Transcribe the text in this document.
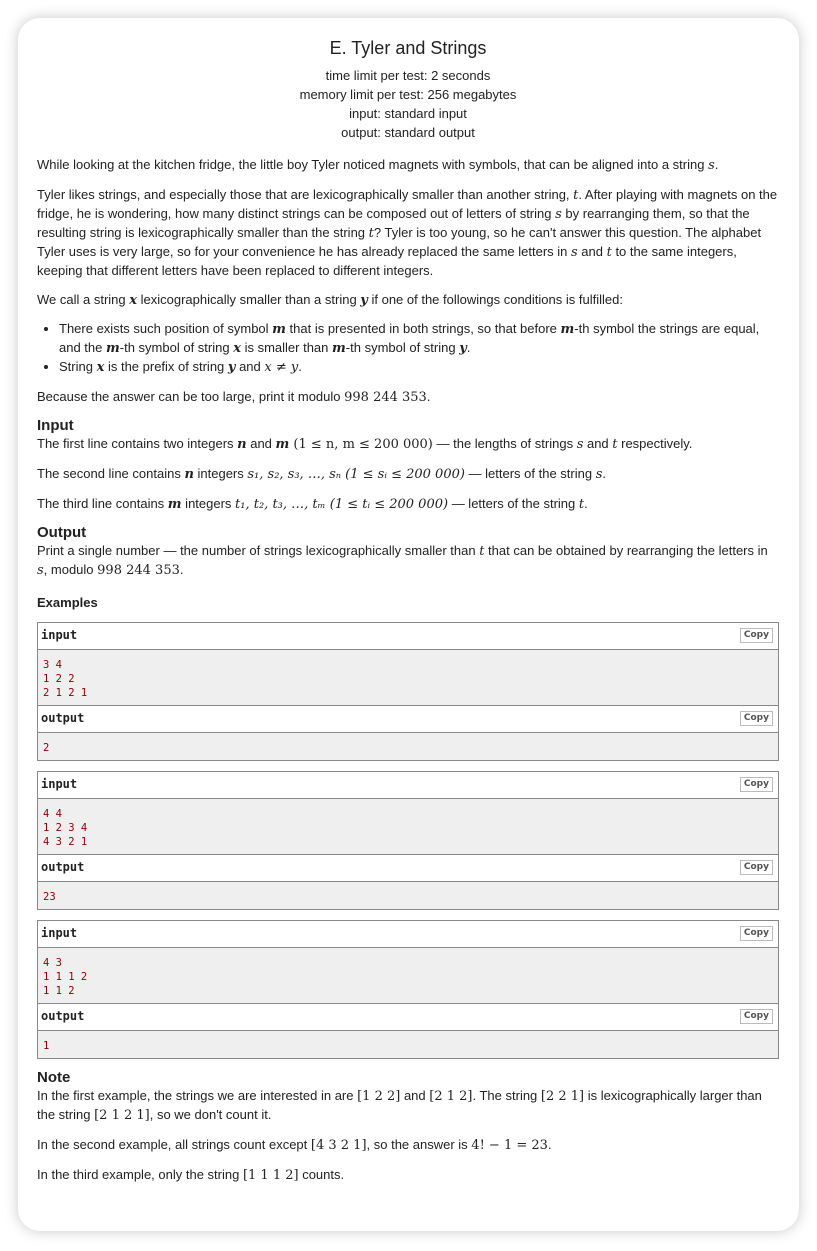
E. Tyler and Strings
time limit per test: 2 seconds
memory limit per test: 256 megabytes
input: standard input
output: standard output

While looking at the kitchen fridge, the little boy Tyler noticed magnets with symbols, that can be aligned into a string s.

Tyler likes strings, and especially those that are lexicographically smaller than another string, t. After playing with magnets on the fridge, he is wondering, how many distinct strings can be composed out of letters of string s by rearranging them, so that the resulting string is lexicographically smaller than the string t? Tyler is too young, so he can't answer this question. The alphabet Tyler uses is very large, so for your convenience he has already replaced the same letters in s and t to the same integers, keeping that different letters have been replaced to different integers.

We call a string x lexicographically smaller than a string y if one of the followings conditions is fulfilled:

• There exists such position of symbol m that is presented in both strings, so that before m-th symbol the strings are equal, and the m-th symbol of string x is smaller than m-th symbol of string y.
• String x is the prefix of string y and x ≠ y.

Because the answer can be too large, print it modulo 998 244 353.

Input

The first line contains two integers n and m (1 ≤ n, m ≤ 200 000) — the lengths of strings s and t respectively.

The second line contains n integers s₁, s₂, s₃, …, sₙ (1 ≤ sᵢ ≤ 200 000) — letters of the string s.

The third line contains m integers t₁, t₂, t₃, …, tₘ (1 ≤ tᵢ ≤ 200 000) — letters of the string t.

Output

Print a single number — the number of strings lexicographically smaller than t that can be obtained by rearranging the letters in s, modulo 998 244 353.

Examples
input	Copy
3 4
1 2 2
2 1 2 1
output	Copy
2
input	Copy
4 4
1 2 3 4
4 3 2 1
output	Copy
23
input	Copy
4 3
1 1 1 2
1 1 2
output	Copy
1
Note

In the first example, the strings we are interested in are [1 2 2] and [2 1 2]. The string [2 2 1] is lexicographically larger than the string [2 1 2 1], so we don't count it.

In the second example, all strings count except [4 3 2 1], so the answer is 4! − 1 = 23.

In the third example, only the string [1 1 1 2] counts.
